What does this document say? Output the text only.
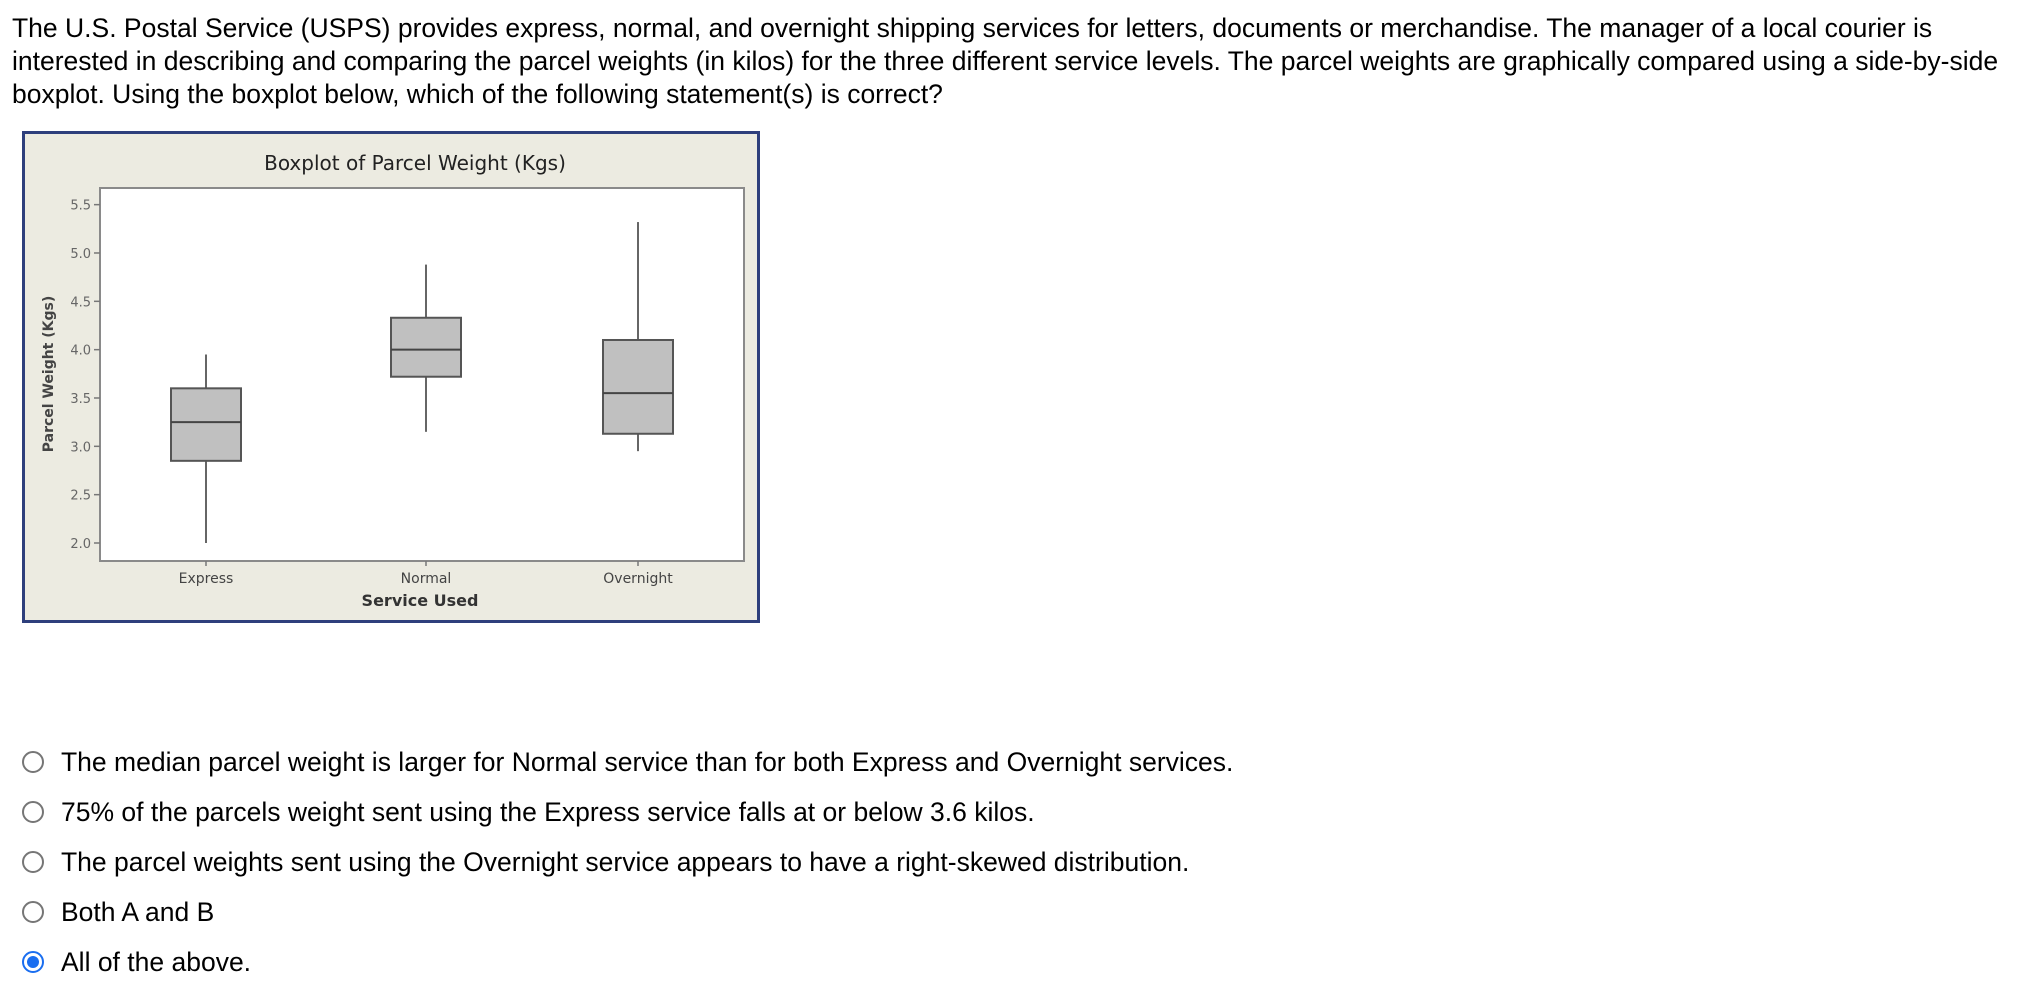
The U.S. Postal Service (USPS) provides express, normal, and overnight shipping services for letters, documents or merchandise. The manager of a local courier is interested in describing and comparing the parcel weights (in kilos) for the three different service levels. The parcel weights are graphically compared using a side-by-side boxplot. Using the boxplot below, which of the following statement(s) is correct?

Boxplot of Parcel Weight (Kgs)
Parcel Weight (Kgs)
Service Used
2.0
2.5
3.0
3.5
4.0
4.5
5.0
5.5
Express	Normal	Overnight
The median parcel weight is larger for Normal service than for both Express and Overnight services.
75% of the parcels weight sent using the Express service falls at or below 3.6 kilos.
The parcel weights sent using the Overnight service appears to have a right-skewed distribution.
Both A and B
All of the above.
